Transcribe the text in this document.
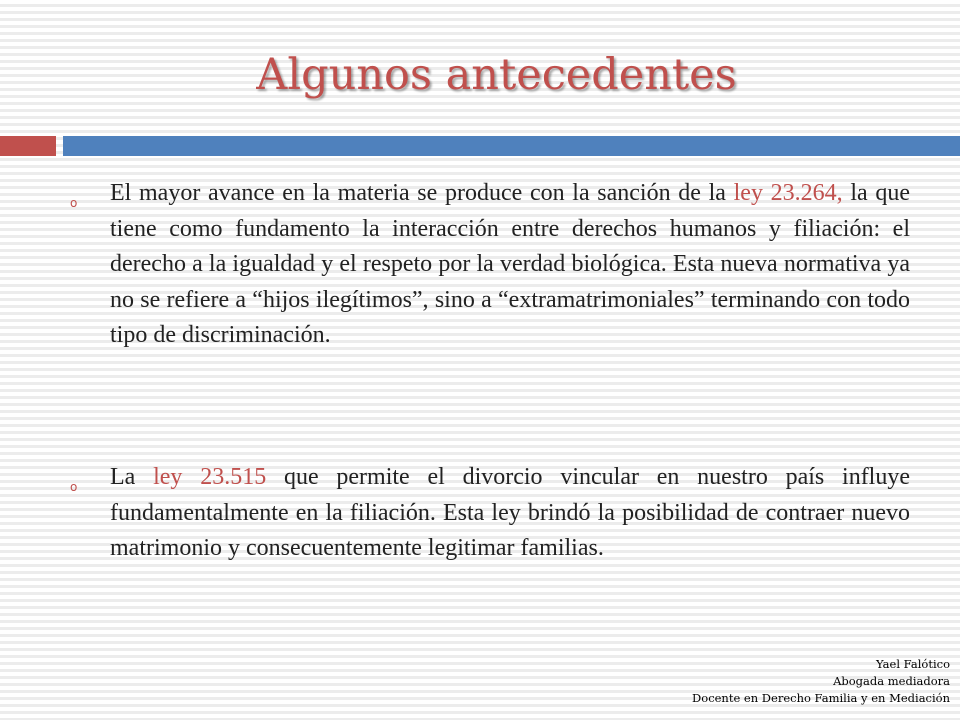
Algunos antecedentes
o El mayor avance en la materia se produce con la sanción de la ley 23.264, la que tiene como fundamento la interacción entre derechos humanos y filiación: el derecho a la igualdad y el respeto por la verdad biológica. Esta nueva normativa ya no se refiere a “hijos ilegítimos”, sino a “extramatrimoniales” terminando con todo tipo de discriminación.

o La ley 23.515 que permite el divorcio vincular en nuestro país influye fundamentalmente en la filiación. Esta ley brindó la posibilidad de contraer nuevo matrimonio y consecuentemente legitimar familias.

Yael Falótico
Abogada mediadora
Docente en Derecho Familia y en Mediación
